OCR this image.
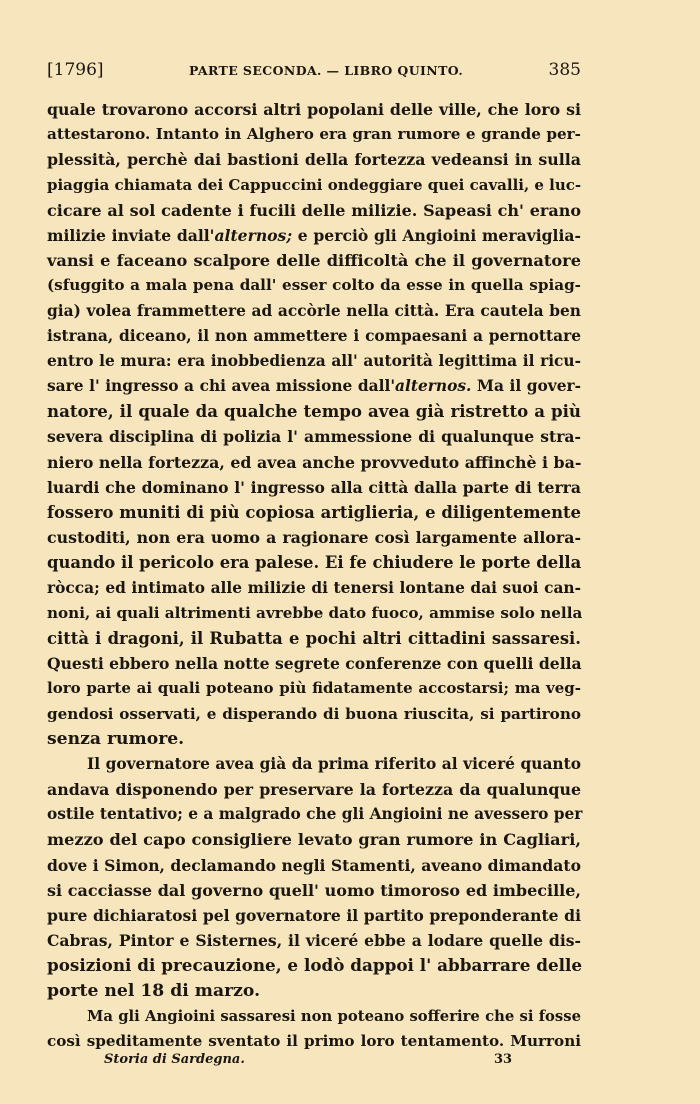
[1796]	PARTE SECONDA. — LIBRO QUINTO.	385
quale trovarono accorsi altri popolani delle ville, che loro si
attestarono. Intanto in Alghero era gran rumore e grande per-
plessità, perchè dai bastioni della fortezza vedeansi in sulla
piaggia chiamata dei Cappuccini ondeggiare quei cavalli, e luc-
cicare al sol cadente i fucili delle milizie. Sapeasi ch' erano
milizie inviate dall'alternos; e perciò gli Angioini meraviglia-
vansi e faceano scalpore delle difficoltà che il governatore
(sfuggito a mala pena dall' esser colto da esse in quella spiag-
gia) volea frammettere ad accòrle nella città. Era cautela ben
istrana, diceano, il non ammettere i compaesani a pernottare
entro le mura: era inobbedienza all' autorità legittima il ricu-
sare l' ingresso a chi avea missione dall'alternos. Ma il gover-
natore, il quale da qualche tempo avea già ristretto a più
severa disciplina di polizia l' ammessione di qualunque stra-
niero nella fortezza, ed avea anche provveduto affinchè i ba-
luardi che dominano l' ingresso alla città dalla parte di terra
fossero muniti di più copiosa artiglieria, e diligentemente
custoditi, non era uomo a ragionare così largamente allora-
quando il pericolo era palese. Ei fe chiudere le porte della
ròcca; ed intimato alle milizie di tenersi lontane dai suoi can-
noni, ai quali altrimenti avrebbe dato fuoco, ammise solo nella
città i dragoni, il Rubatta e pochi altri cittadini sassaresi.
Questi ebbero nella notte segrete conferenze con quelli della
loro parte ai quali poteano più fidatamente accostarsi; ma veg-
gendosi osservati, e disperando di buona riuscita, si partirono
senza rumore.
Il governatore avea già da prima riferito al viceré quanto
andava disponendo per preservare la fortezza da qualunque
ostile tentativo; e a malgrado che gli Angioini ne avessero per
mezzo del capo consigliere levato gran rumore in Cagliari,
dove i Simon, declamando negli Stamenti, aveano dimandato
si cacciasse dal governo quell' uomo timoroso ed imbecille,
pure dichiaratosi pel governatore il partito preponderante di
Cabras, Pintor e Sisternes, il viceré ebbe a lodare quelle dis-
posizioni di precauzione, e lodò dappoi l' abbarrare delle
porte nel 18 di marzo.
Ma gli Angioini sassaresi non poteano sofferire che si fosse
così speditamente sventato il primo loro tentamento. Murroni
Storia di Sardegna.	33
